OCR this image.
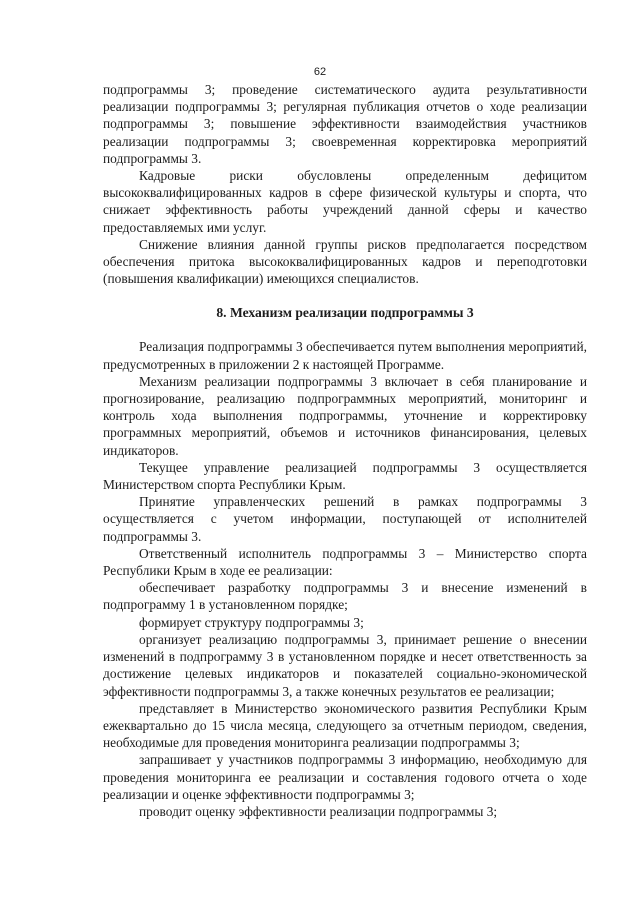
62

подпрограммы 3; проведение систематического аудита результативности реализации подпрограммы 3; регулярная публикация отчетов о ходе реализации подпрограммы 3; повышение эффективности взаимодействия участников реализации подпрограммы 3; своевременная корректировка мероприятий подпрограммы 3.

Кадровые риски обусловлены определенным дефицитом высококвалифицированных кадров в сфере физической культуры и спорта, что снижает эффективность работы учреждений данной сферы и качество предоставляемых ими услуг.

Снижение влияния данной группы рисков предполагается посредством обеспечения притока высококвалифицированных кадров и переподготовки (повышения квалификации) имеющихся специалистов.

8. Механизм реализации подпрограммы 3

Реализация подпрограммы 3 обеспечивается путем выполнения мероприятий, предусмотренных в приложении 2 к настоящей Программе.

Механизм реализации подпрограммы 3 включает в себя планирование и прогнозирование, реализацию подпрограммных мероприятий, мониторинг и контроль хода выполнения подпрограммы, уточнение и корректировку программных мероприятий, объемов и источников финансирования, целевых индикаторов.

Текущее управление реализацией подпрограммы 3 осуществляется Министерством спорта Республики Крым.

Принятие управленческих решений в рамках подпрограммы 3 осуществляется с учетом информации, поступающей от исполнителей подпрограммы 3.

Ответственный исполнитель подпрограммы 3 – Министерство спорта Республики Крым в ходе ее реализации:

обеспечивает разработку подпрограммы 3 и внесение изменений в подпрограмму 1 в установленном порядке;

формирует структуру подпрограммы 3;

организует реализацию подпрограммы 3, принимает решение о внесении изменений в подпрограмму 3 в установленном порядке и несет ответственность за достижение целевых индикаторов и показателей социально-экономической эффективности подпрограммы 3, а также конечных результатов ее реализации;

представляет в Министерство экономического развития Республики Крым ежеквартально до 15 числа месяца, следующего за отчетным периодом, сведения, необходимые для проведения мониторинга реализации подпрограммы 3;

запрашивает у участников подпрограммы 3 информацию, необходимую для проведения мониторинга ее реализации и составления годового отчета о ходе реализации и оценке эффективности подпрограммы 3;

проводит оценку эффективности реализации подпрограммы 3;
